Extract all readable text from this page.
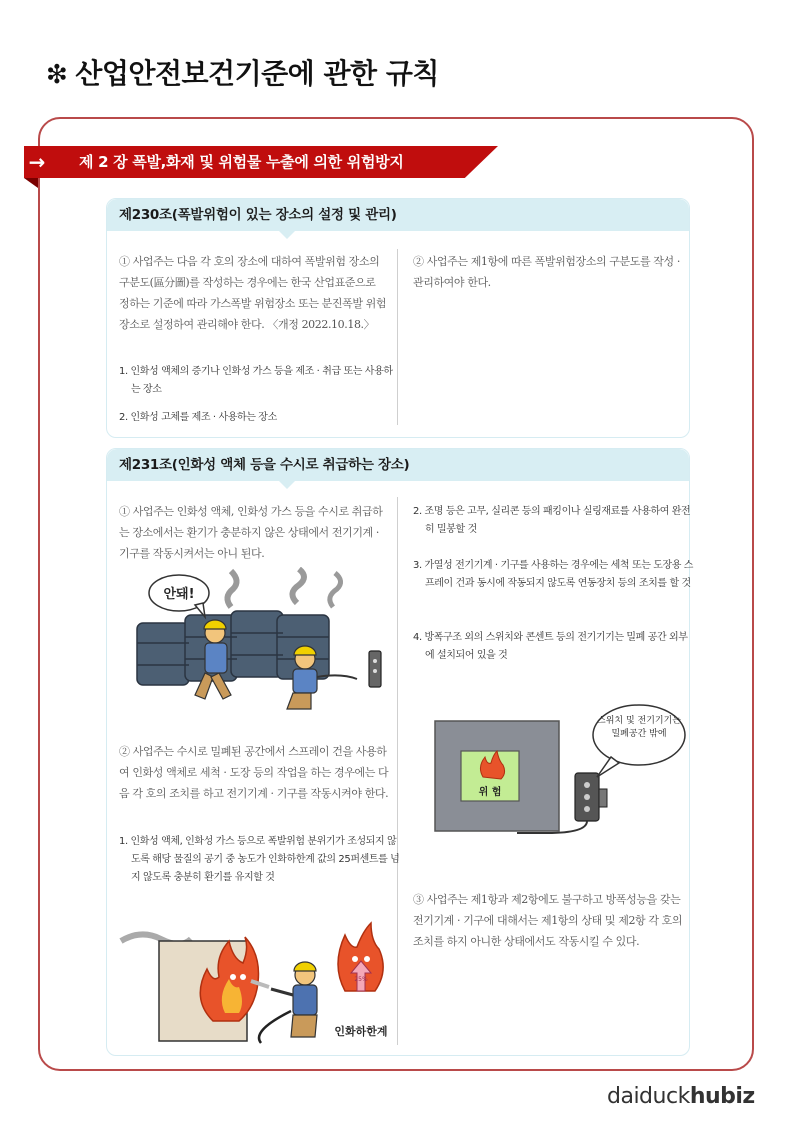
❇ 산업안전보건기준에 관한 규칙
→ 제 2 장 폭발,화재 및 위험물 누출에 의한 위험방지
제230조(폭발위험이 있는 장소의 설정 및 관리)

① 사업주는 다음 각 호의 장소에 대하여 폭발위험 장소의 구분도(區分圖)를 작성하는 경우에는 한국 산업표준으로 정하는 기준에 따라 가스폭발 위험장소 또는 분진폭발 위험장소로 설정하여 관리해야 한다. 〈개정 2022.10.18.〉

1. 인화성 액체의 증기나 인화성 가스 등을 제조 · 취급 또는 사용하는 장소

2. 인화성 고체를 제조 · 사용하는 장소

② 사업주는 제1항에 따른 폭발위험장소의 구분도를 작성 · 관리하여야 한다.

제231조(인화성 액체 등을 수시로 취급하는 장소)

① 사업주는 인화성 액체, 인화성 가스 등을 수시로 취급하는 장소에서는 환기가 충분하지 않은 상태에서 전기기계 · 기구를 작동시켜서는 아니 된다.

안돼!

② 사업주는 수시로 밀폐된 공간에서 스프레이 건을 사용하여 인화성 액체로 세척 · 도장 등의 작업을 하는 경우에는 다음 각 호의 조치를 하고 전기기계 · 기구를 작동시켜야 한다.

1. 인화성 액체, 인화성 가스 등으로 폭발위험 분위기가 조성되지 않도록 해당 물질의 공기 중 농도가 인화하한계 값의 25퍼센트를 넘지 않도록 충분히 환기를 유지할 것

25%
인화하한계

2. 조명 등은 고무, 실리콘 등의 패킹이나 실링재료를 사용하여 완전히 밀봉할 것

3. 가열성 전기기계 · 기구를 사용하는 경우에는 세척 또는 도장용 스프레이 건과 동시에 작동되지 않도록 연동장치 등의 조치를 할 것

4. 방폭구조 외의 스위치와 콘센트 등의 전기기기는 밀폐 공간 외부에 설치되어 있을 것

위 험
스위치 및 전기기기는 밀폐공간 밖에

③ 사업주는 제1항과 제2항에도 불구하고 방폭성능을 갖는 전기기계 · 기구에 대해서는 제1항의 상태 및 제2항 각 호의 조치를 하지 아니한 상태에서도 작동시킬 수 있다.

daiduckhubiz
